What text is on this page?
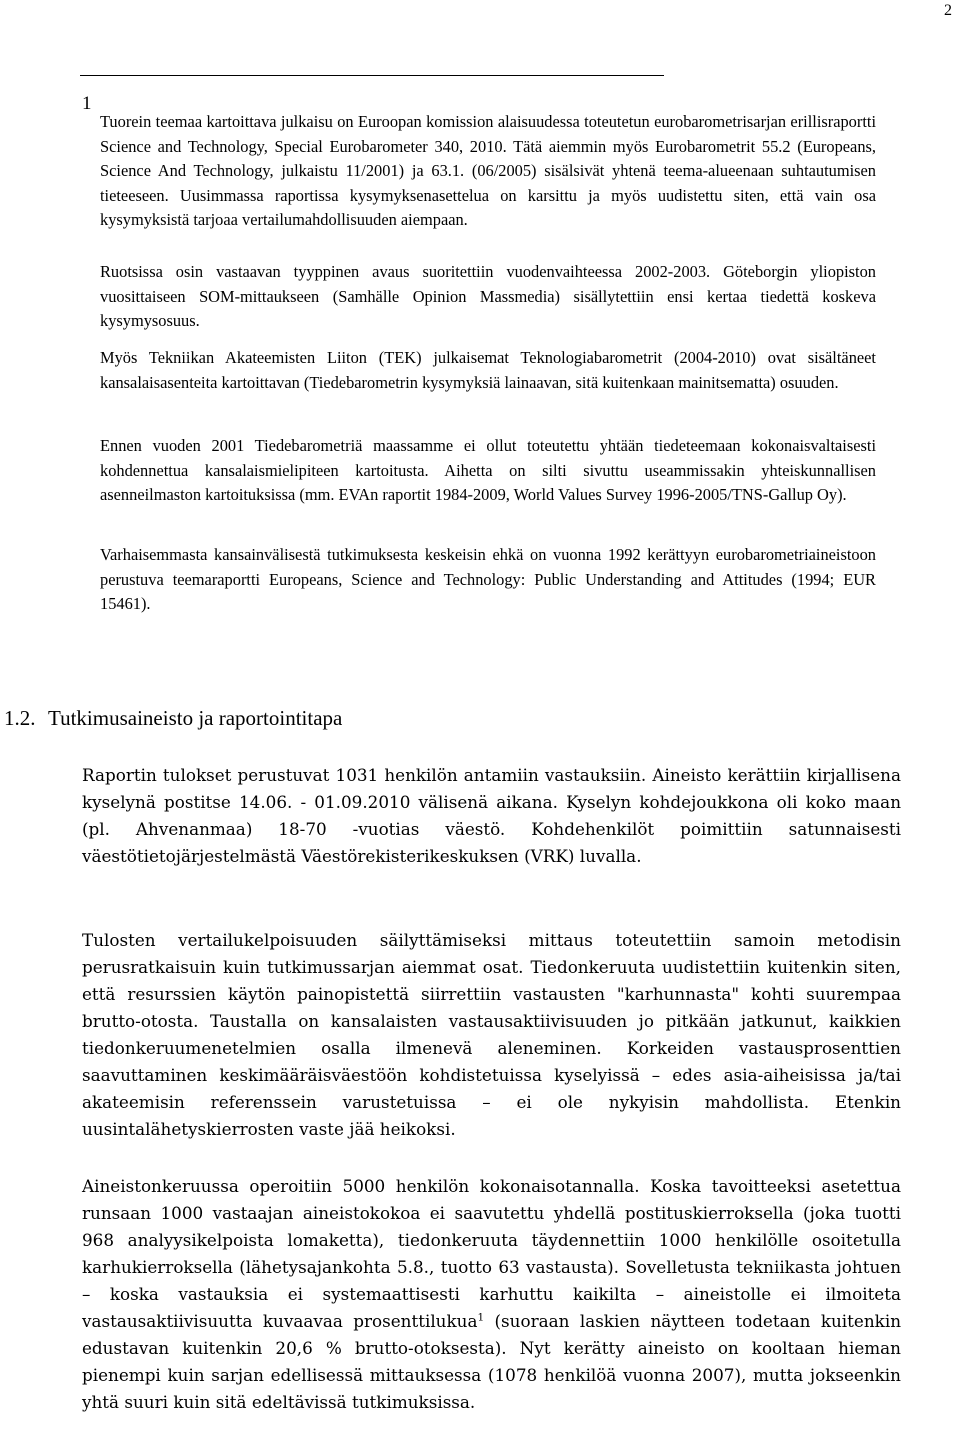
2
1

Tuorein teemaa kartoittava julkaisu on Euroopan komission alaisuudessa toteutetun eurobarometrisarjan erillisraportti Science and Technology, Special Eurobarometer 340, 2010. Tätä aiemmin myös Eurobarometrit 55.2 (Europeans, Science And Technology, julkaistu 11/2001) ja 63.1. (06/2005) sisälsivät yhtenä teema-alueenaan suhtautumisen tieteeseen. Uusimmassa raportissa kysymyksenasettelua on karsittu ja myös uudistettu siten, että vain osa kysymyksistä tarjoaa vertailumahdollisuuden aiempaan.

Ruotsissa osin vastaavan tyyppinen avaus suoritettiin vuodenvaihteessa 2002-2003. Göteborgin yliopiston vuosittaiseen SOM-mittaukseen (Samhälle Opinion Massmedia) sisällytettiin ensi kertaa tiedettä koskeva kysymysosuus.

Myös Tekniikan Akateemisten Liiton (TEK) julkaisemat Teknologiabarometrit (2004-2010) ovat sisältäneet kansalaisasenteita kartoittavan (Tiedebarometrin kysymyksiä lainaavan, sitä kuitenkaan mainitsematta) osuuden.

Ennen vuoden 2001 Tiedebarometriä maassamme ei ollut toteutettu yhtään tiedeteemaan kokonaisvaltaisesti kohdennettua kansalaismielipiteen kartoitusta. Aihetta on silti sivuttu useammissakin yhteiskunnallisen asenneilmaston kartoituksissa (mm. EVAn raportit 1984-2009, World Values Survey 1996-2005/TNS-Gallup Oy).

Varhaisemmasta kansainvälisestä tutkimuksesta keskeisin ehkä on vuonna 1992 kerättyyn eurobarometriaineistoon perustuva teemaraportti Europeans, Science and Technology: Public Understanding and Attitudes (1994; EUR 15461).

1.2. Tutkimusaineisto ja raportointitapa

Raportin tulokset perustuvat 1031 henkilön antamiin vastauksiin. Aineisto kerättiin kirjallisena kyselynä postitse 14.06. - 01.09.2010 välisenä aikana. Kyselyn kohdejoukkona oli koko maan (pl. Ahvenanmaa) 18-70 -vuotias väestö. Kohdehenkilöt poimittiin satunnaisesti väestötietojärjestelmästä Väestörekisterikeskuksen (VRK) luvalla.

Tulosten vertailukelpoisuuden säilyttämiseksi mittaus toteutettiin samoin metodisin perusratkaisuin kuin tutkimussarjan aiemmat osat. Tiedonkeruuta uudistettiin kuitenkin siten, että resurssien käytön painopistettä siirrettiin vastausten "karhunnasta" kohti suurempaa brutto-otosta. Taustalla on kansalaisten vastausaktiivisuuden jo pitkään jatkunut, kaikkien tiedonkeruumenetelmien osalla ilmenevä aleneminen. Korkeiden vastausprosenttien saavuttaminen keskimääräisväestöön kohdistetuissa kyselyissä – edes asia-aiheisissa ja/tai akateemisin referenssein varustetuissa – ei ole nykyisin mahdollista. Etenkin uusintalähetyskierrosten vaste jää heikoksi.

Aineistonkeruussa operoitiin 5000 henkilön kokonaisotannalla. Koska tavoitteeksi asetettua runsaan 1000 vastaajan aineistokokoa ei saavutettu yhdellä postituskierroksella (joka tuotti 968 analyysikelpoista lomaketta), tiedonkeruuta täydennettiin 1000 henkilölle osoitetulla karhukierroksella (lähetysajankohta 5.8., tuotto 63 vastausta). Sovelletusta tekniikasta johtuen – koska vastauksia ei systemaattisesti karhuttu kaikilta – aineistolle ei ilmoiteta vastausaktiivisuutta kuvaavaa prosenttilukua$^1$ (suoraan laskien näytteen todetaan kuitenkin edustavan kuitenkin 20,6 % brutto-otoksesta). Nyt kerätty aineisto on kooltaan hieman pienempi kuin sarjan edellisessä mittauksessa (1078 henkilöä vuonna 2007), mutta jokseenkin yhtä suuri kuin sitä edeltävissä tutkimuksissa.
